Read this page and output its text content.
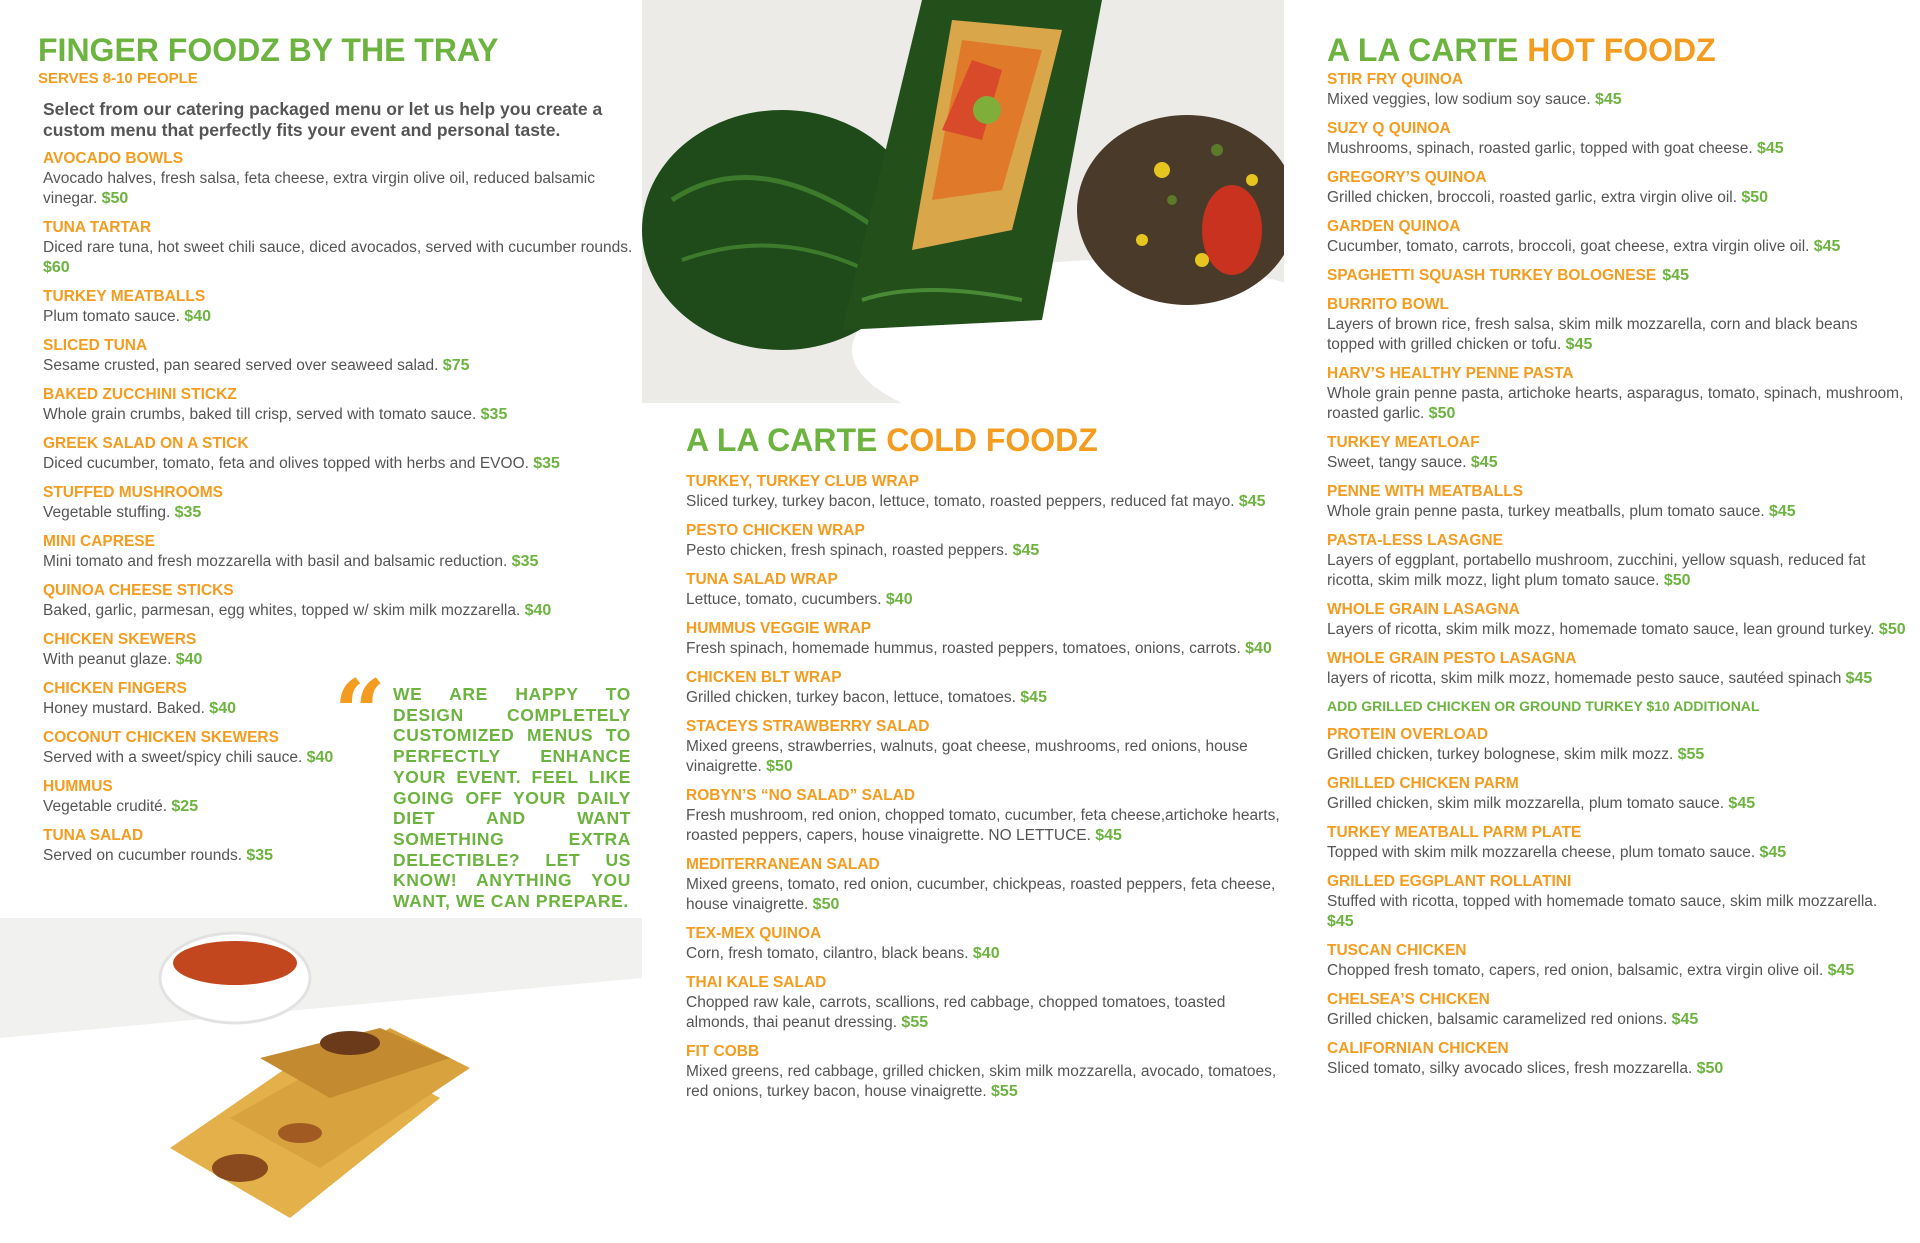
FINGER FOODZ BY THE TRAY
SERVES 8-10 PEOPLE
Select from our catering packaged menu or let us help you create a custom menu that perfectly fits your event and personal taste.
AVOCADO BOWLS
Avocado halves, fresh salsa, feta cheese, extra virgin olive oil, reduced balsamic vinegar. $50
TUNA TARTAR
Diced rare tuna, hot sweet chili sauce, diced avocados, served with cucumber rounds. $60
TURKEY MEATBALLS
Plum tomato sauce. $40
SLICED TUNA
Sesame crusted, pan seared served over seaweed salad. $75
BAKED ZUCCHINI STICKZ
Whole grain crumbs, baked till crisp, served with tomato sauce. $35
GREEK SALAD ON A STICK
Diced cucumber, tomato, feta and olives topped with herbs and EVOO. $35
STUFFED MUSHROOMS
Vegetable stuffing. $35
MINI CAPRESE
Mini tomato and fresh mozzarella with basil and balsamic reduction. $35
QUINOA CHEESE STICKS
Baked, garlic, parmesan, egg whites, topped w/ skim milk mozzarella. $40
CHICKEN SKEWERS
With peanut glaze. $40
CHICKEN FINGERS
Honey mustard. Baked. $40
COCONUT CHICKEN SKEWERS
Served with a sweet/spicy chili sauce. $40
HUMMUS
Vegetable crudité. $25
TUNA SALAD
Served on cucumber rounds. $35
“ WE ARE HAPPY TO DESIGN COMPLETELY CUSTOMIZED MENUS TO PERFECTLY ENHANCE YOUR EVENT. FEEL LIKE GOING OFF YOUR DAILY DIET AND WANT SOMETHING EXTRA DELECTIBLE? LET US KNOW! ANYTHING YOU WANT, WE CAN PREPARE.
A LA CARTE COLD FOODZ
TURKEY, TURKEY CLUB WRAP
Sliced turkey, turkey bacon, lettuce, tomato, roasted peppers, reduced fat mayo. $45
PESTO CHICKEN WRAP
Pesto chicken, fresh spinach, roasted peppers. $45
TUNA SALAD WRAP
Lettuce, tomato, cucumbers. $40
HUMMUS VEGGIE WRAP
Fresh spinach, homemade hummus, roasted peppers, tomatoes, onions, carrots. $40
CHICKEN BLT WRAP
Grilled chicken, turkey bacon, lettuce, tomatoes. $45
STACEYS STRAWBERRY SALAD
Mixed greens, strawberries, walnuts, goat cheese, mushrooms, red onions, house vinaigrette. $50
ROBYN’S “NO SALAD” SALAD
Fresh mushroom, red onion, chopped tomato, cucumber, feta cheese,artichoke hearts, roasted peppers, capers, house vinaigrette. NO LETTUCE. $45
MEDITERRANEAN SALAD
Mixed greens, tomato, red onion, cucumber, chickpeas, roasted peppers, feta cheese, house vinaigrette. $50
TEX-MEX QUINOA
Corn, fresh tomato, cilantro, black beans. $40
THAI KALE SALAD
Chopped raw kale, carrots, scallions, red cabbage, chopped tomatoes, toasted almonds, thai peanut dressing. $55
FIT COBB
Mixed greens, red cabbage, grilled chicken, skim milk mozzarella, avocado, tomatoes, red onions, turkey bacon, house vinaigrette. $55
A LA CARTE HOT FOODZ
STIR FRY QUINOA
Mixed veggies, low sodium soy sauce. $45
SUZY Q QUINOA
Mushrooms, spinach, roasted garlic, topped with goat cheese. $45
GREGORY’S QUINOA
Grilled chicken, broccoli, roasted garlic, extra virgin olive oil. $50
GARDEN QUINOA
Cucumber, tomato, carrots, broccoli, goat cheese, extra virgin olive oil. $45
SPAGHETTI SQUASH TURKEY BOLOGNESE $45
BURRITO BOWL
Layers of brown rice, fresh salsa, skim milk mozzarella, corn and black beans topped with grilled chicken or tofu. $45
HARV’S HEALTHY PENNE PASTA
Whole grain penne pasta, artichoke hearts, asparagus, tomato, spinach, mushroom, roasted garlic. $50
TURKEY MEATLOAF
Sweet, tangy sauce. $45
PENNE WITH MEATBALLS
Whole grain penne pasta, turkey meatballs, plum tomato sauce. $45
PASTA-LESS LASAGNE
Layers of eggplant, portabello mushroom, zucchini, yellow squash, reduced fat ricotta, skim milk mozz, light plum tomato sauce. $50
WHOLE GRAIN LASAGNA
Layers of ricotta, skim milk mozz, homemade tomato sauce, lean ground turkey. $50
WHOLE GRAIN PESTO LASAGNA
layers of ricotta, skim milk mozz, homemade pesto sauce, sautéed spinach $45
ADD GRILLED CHICKEN OR GROUND TURKEY $10 ADDITIONAL
PROTEIN OVERLOAD
Grilled chicken, turkey bolognese, skim milk mozz. $55
GRILLED CHICKEN PARM
Grilled chicken, skim milk mozzarella, plum tomato sauce. $45
TURKEY MEATBALL PARM PLATE
Topped with skim milk mozzarella cheese, plum tomato sauce. $45
GRILLED EGGPLANT ROLLATINI
Stuffed with ricotta, topped with homemade tomato sauce, skim milk mozzarella. $45
TUSCAN CHICKEN
Chopped fresh tomato, capers, red onion, balsamic, extra virgin olive oil. $45
CHELSEA’S CHICKEN
Grilled chicken, balsamic caramelized red onions. $45
CALIFORNIAN CHICKEN
Sliced tomato, silky avocado slices, fresh mozzarella. $50
